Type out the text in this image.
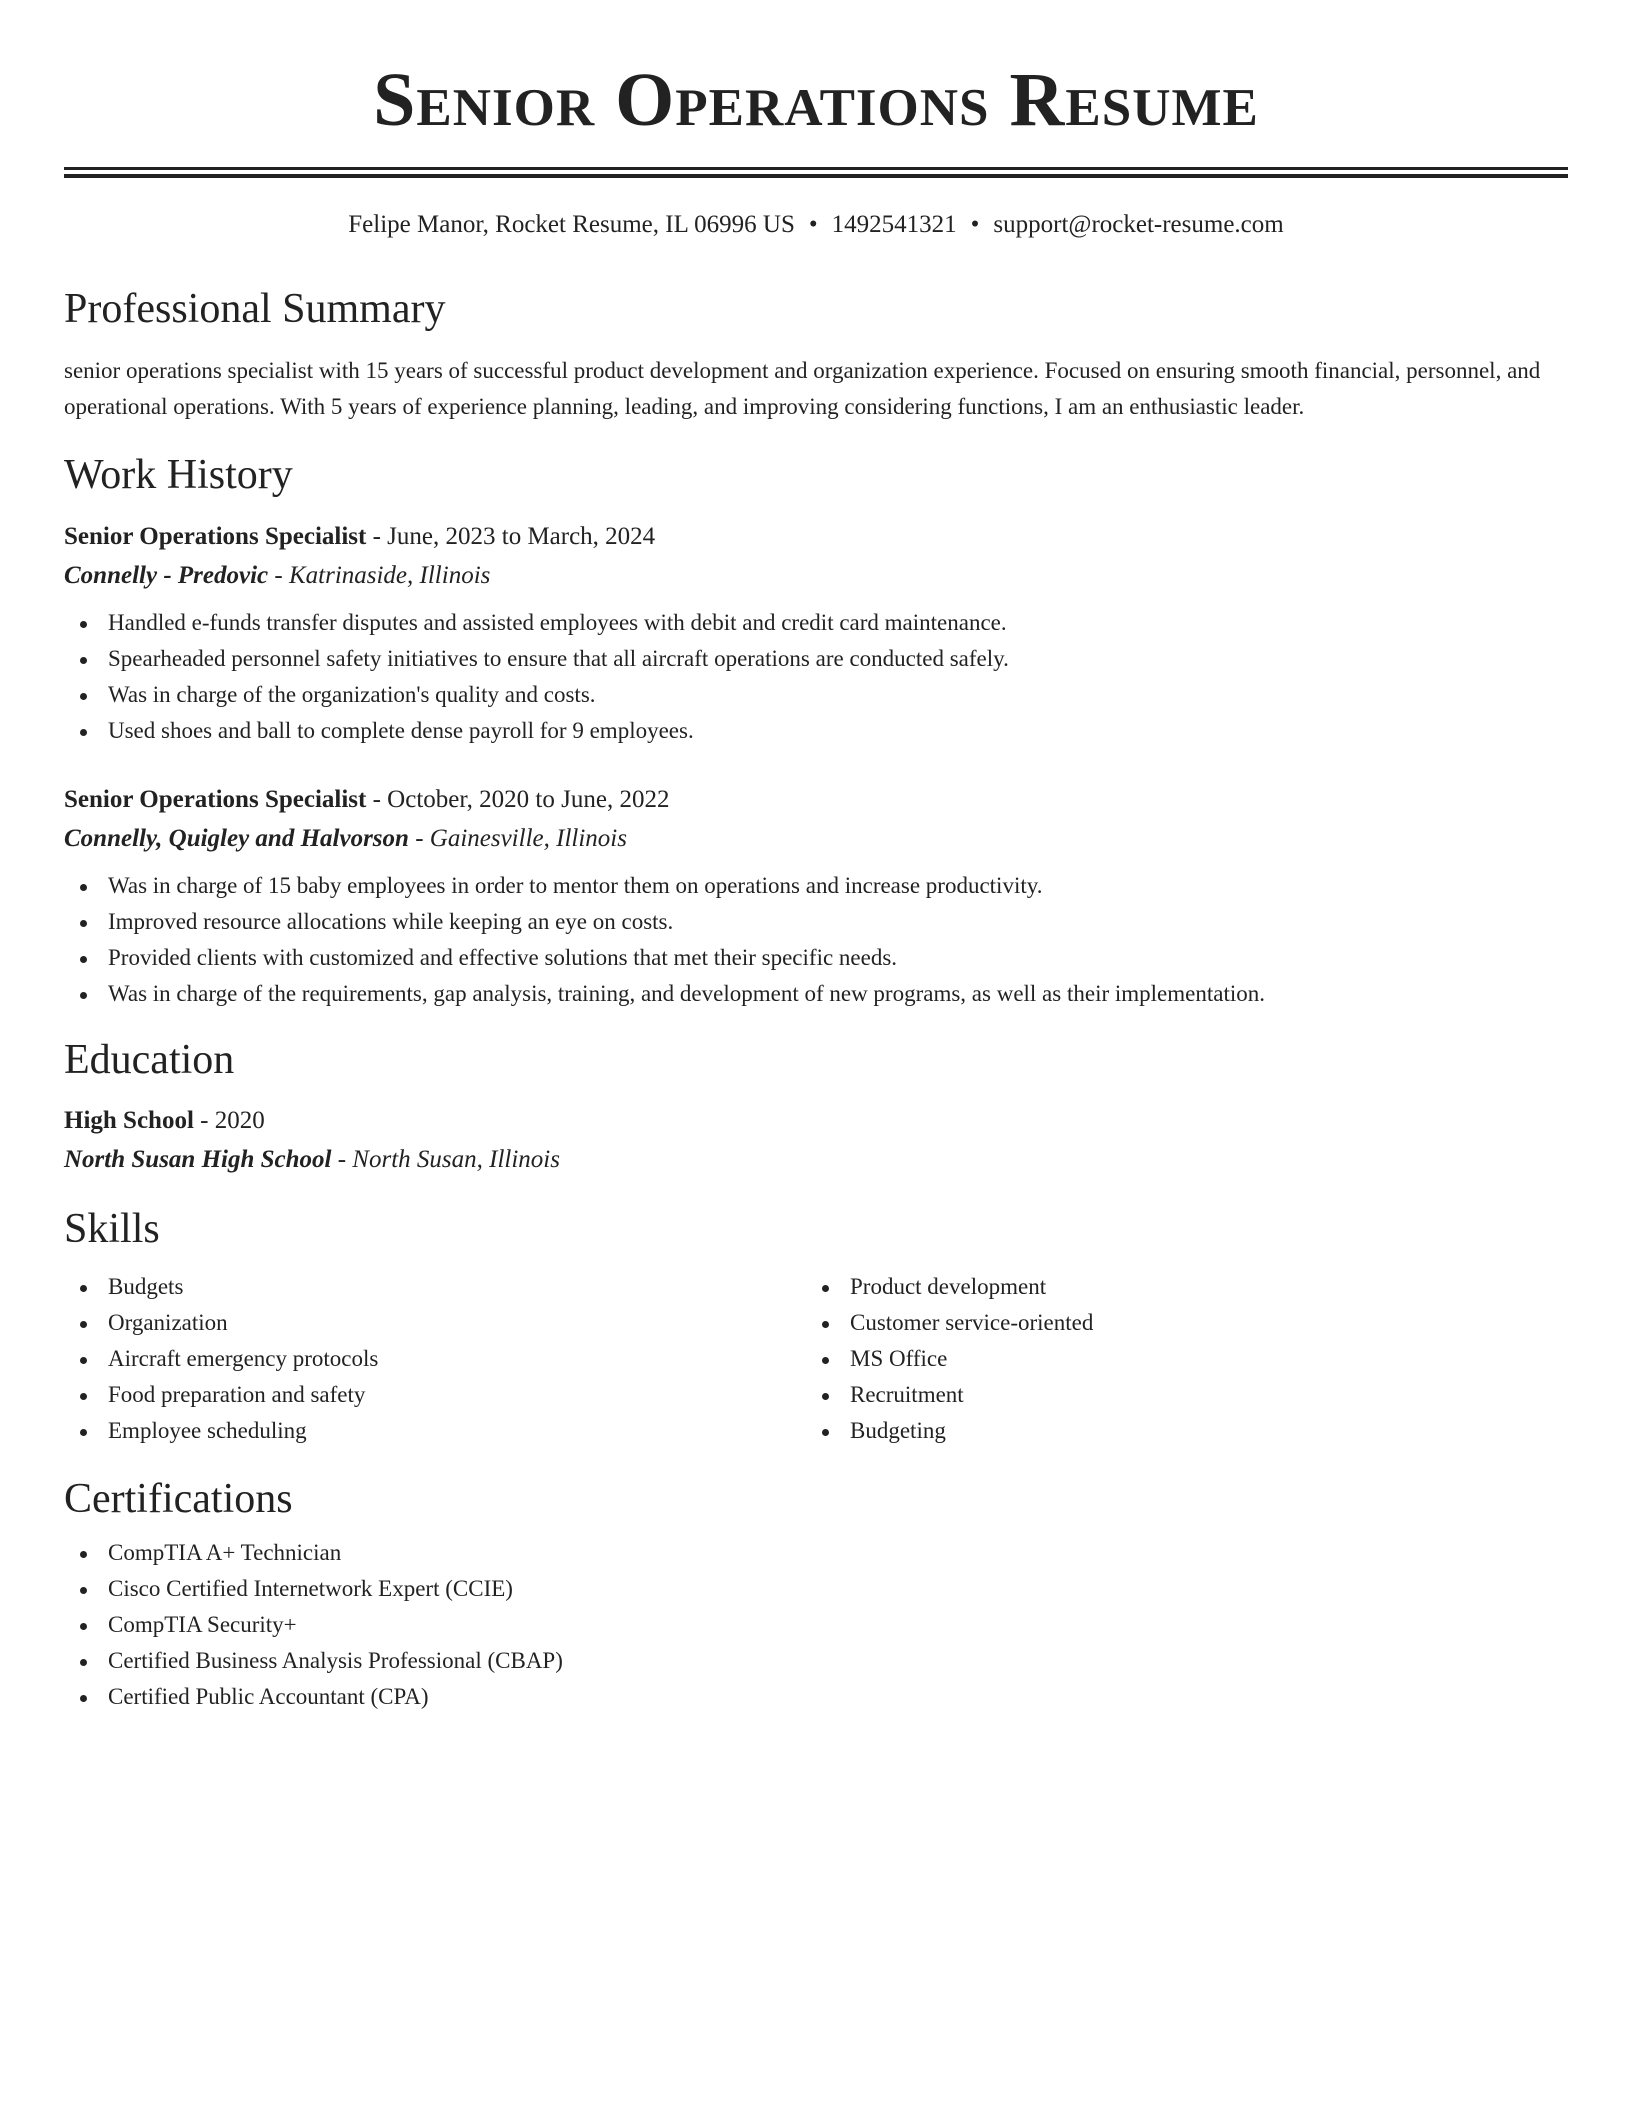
Senior Operations Resume
Felipe Manor, Rocket Resume, IL 06996 US • 1492541321 • support@rocket-resume.com
Professional Summary

senior operations specialist with 15 years of successful product development and organization experience. Focused on ensuring smooth financial, personnel, and operational operations. With 5 years of experience planning, leading, and improving considering functions, I am an enthusiastic leader.

Work History
Senior Operations Specialist - June, 2023 to March, 2024
Connelly - Predovic - Katrinaside, Illinois
Handled e-funds transfer disputes and assisted employees with debit and credit card maintenance.
Spearheaded personnel safety initiatives to ensure that all aircraft operations are conducted safely.
Was in charge of the organization's quality and costs.
Used shoes and ball to complete dense payroll for 9 employees.
Senior Operations Specialist - October, 2020 to June, 2022
Connelly, Quigley and Halvorson - Gainesville, Illinois
Was in charge of 15 baby employees in order to mentor them on operations and increase productivity.
Improved resource allocations while keeping an eye on costs.
Provided clients with customized and effective solutions that met their specific needs.
Was in charge of the requirements, gap analysis, training, and development of new programs, as well as their implementation.
Education
High School - 2020
North Susan High School - North Susan, Illinois
Skills
Budgets
Organization
Aircraft emergency protocols
Food preparation and safety
Employee scheduling
Product development
Customer service-oriented
MS Office
Recruitment
Budgeting
Certifications
CompTIA A+ Technician
Cisco Certified Internetwork Expert (CCIE)
CompTIA Security+
Certified Business Analysis Professional (CBAP)
Certified Public Accountant (CPA)
